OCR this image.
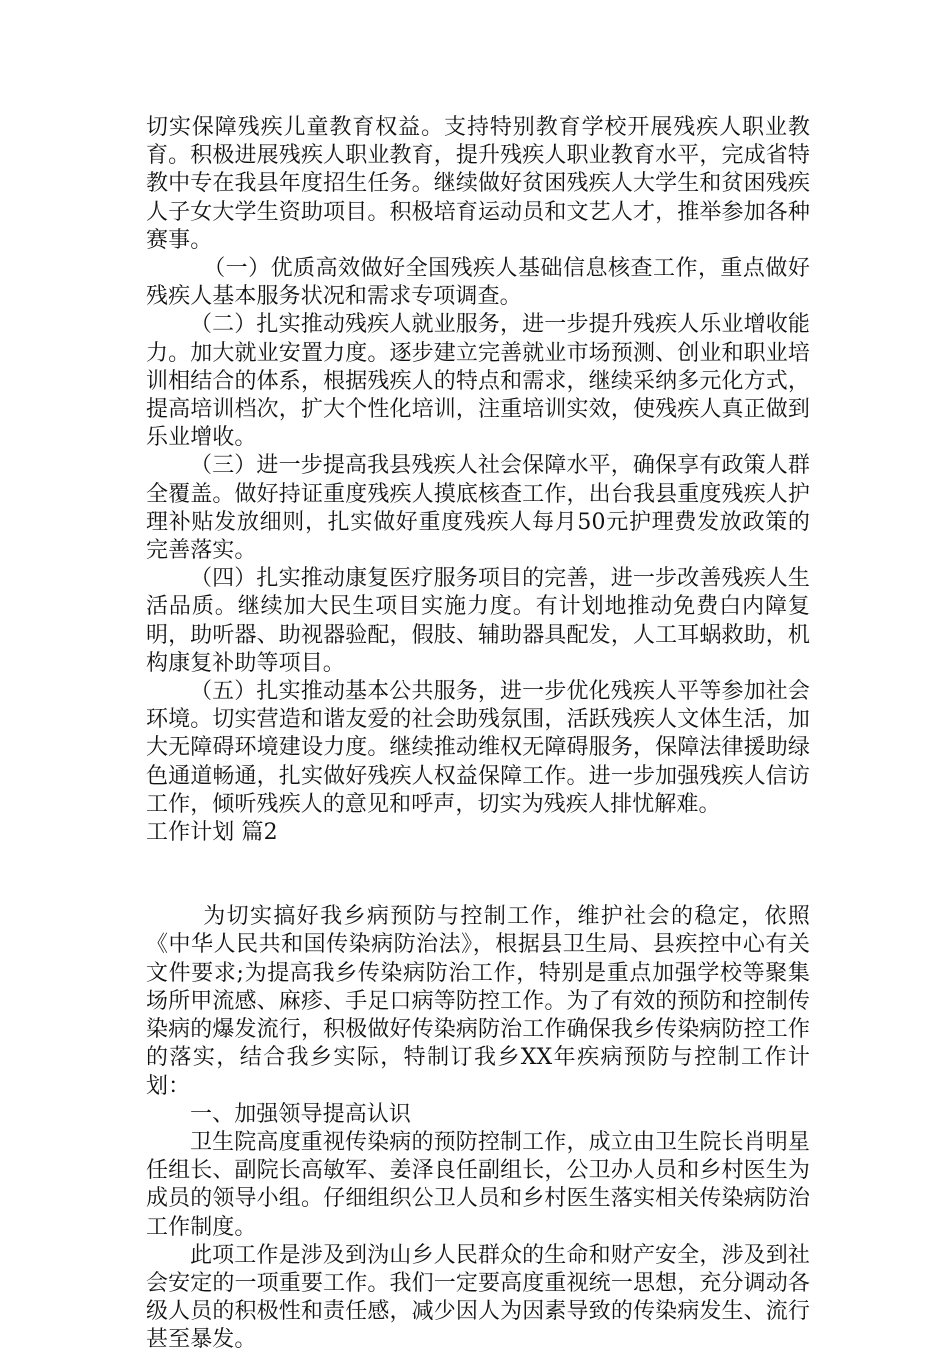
切实保障残疾儿童教育权益。支持特别教育学校开展残疾人职业教育。积极进展残疾人职业教育，提升残疾人职业教育水平，完成省特教中专在我县年度招生任务。继续做好贫困残疾人大学生和贫困残疾人子女大学生资助项目。积极培育运动员和文艺人才，推举参加各种赛事。

（一）优质高效做好全国残疾人基础信息核查工作，重点做好残疾人基本服务状况和需求专项调查。

（二）扎实推动残疾人就业服务，进一步提升残疾人乐业增收能力。加大就业安置力度。逐步建立完善就业市场预测、创业和职业培训相结合的体系，根据残疾人的特点和需求，继续采纳多元化方式，提高培训档次，扩大个性化培训，注重培训实效，使残疾人真正做到乐业增收。

（三）进一步提高我县残疾人社会保障水平，确保享有政策人群全覆盖。做好持证重度残疾人摸底核查工作，出台我县重度残疾人护理补贴发放细则，扎实做好重度残疾人每月50元护理费发放政策的完善落实。

（四）扎实推动康复医疗服务项目的完善，进一步改善残疾人生活品质。继续加大民生项目实施力度。有计划地推动免费白内障复明，助听器、助视器验配，假肢、辅助器具配发，人工耳蜗救助，机构康复补助等项目。

（五）扎实推动基本公共服务，进一步优化残疾人平等参加社会环境。切实营造和谐友爱的社会助残氛围，活跃残疾人文体生活，加大无障碍环境建设力度。继续推动维权无障碍服务，保障法律援助绿色通道畅通，扎实做好残疾人权益保障工作。进一步加强残疾人信访工作，倾听残疾人的意见和呼声，切实为残疾人排忧解难。

工作计划 篇2

为切实搞好我乡病预防与控制工作，维护社会的稳定，依照《中华人民共和国传染病防治法》，根据县卫生局、县疾控中心有关文件要求;为提高我乡传染病防治工作，特别是重点加强学校等聚集场所甲流感、麻疹、手足口病等防控工作。为了有效的预防和控制传染病的爆发流行，积极做好传染病防治工作确保我乡传染病防控工作的落实，结合我乡实际，特制订我乡XX年疾病预防与控制工作计划：

一、加强领导提高认识

卫生院高度重视传染病的预防控制工作，成立由卫生院长肖明星任组长、副院长高敏军、姜泽良任副组长，公卫办人员和乡村医生为成员的领导小组。仔细组织公卫人员和乡村医生落实相关传染病防治工作制度。

此项工作是涉及到沩山乡人民群众的生命和财产安全，涉及到社会安定的一项重要工作。我们一定要高度重视统一思想，充分调动各级人员的积极性和责任感，减少因人为因素导致的传染病发生、流行甚至暴发。
